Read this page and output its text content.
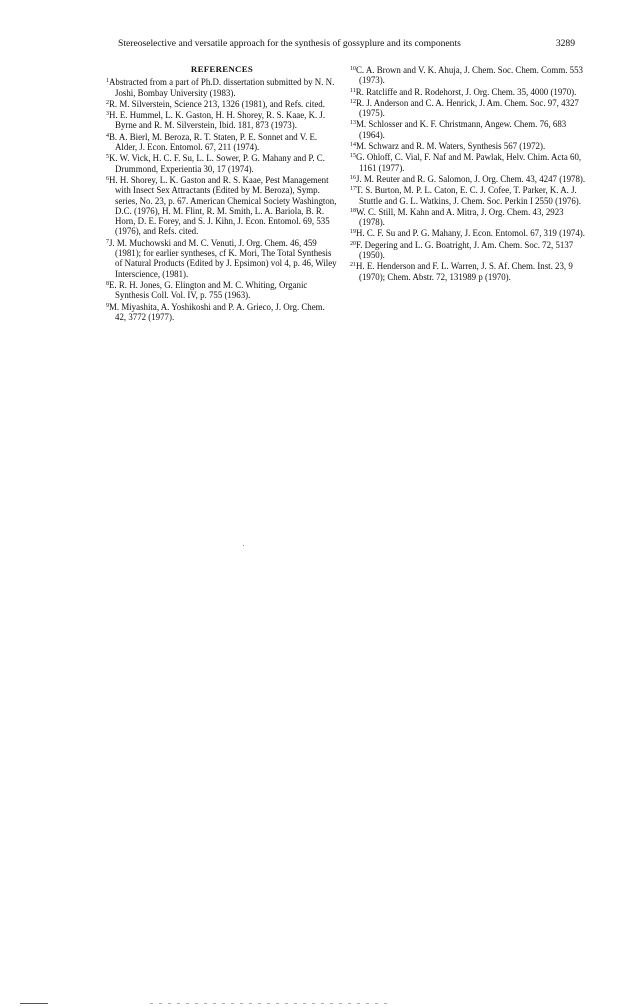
Stereoselective and versatile approach for the synthesis of gossyplure and its components	3289
REFERENCES

$^1$Abstracted from a part of Ph.D. dissertation submitted by N. N. Joshi, Bombay University (1983).

$^2$R. M. Silverstein, Science 213, 1326 (1981), and Refs. cited.

$^3$H. E. Hummel, L. K. Gaston, H. H. Shorey, R. S. Kaae, K. J. Byrne and R. M. Silverstein, Ibid. 181, 873 (1973).

$^4$B. A. Bierl, M. Beroza, R. T. Staten, P. E. Sonnet and V. E. Alder, J. Econ. Entomol. 67, 211 (1974).

$^5$K. W. Vick, H. C. F. Su, L. L. Sower, P. G. Mahany and P. C. Drummond, Experientia 30, 17 (1974).

$^6$H. H. Shorey, L. K. Gaston and R. S. Kaae, Pest Management with Insect Sex Attractants (Edited by M. Beroza), Symp. series, No. 23, p. 67. American Chemical Society Washington, D.C. (1976), H. M. Flint, R. M. Smith, L. A. Bariola, B. R. Horn, D. E. Forey, and S. J. Kihn, J. Econ. Entomol. 69, 535 (1976), and Refs. cited.

$^7$J. M. Muchowski and M. C. Venuti, J. Org. Chem. 46, 459 (1981); for earlier syntheses, cf K. Mori, The Total Synthesis of Natural Products (Edited by J. Epsimon) vol 4, p. 46, Wiley Interscience, (1981).

$^8$E. R. H. Jones, G. Elington and M. C. Whiting, Organic Synthesis Coll. Vol. IV, p. 755 (1963).

$^9$M. Miyashita, A. Yoshikoshi and P. A. Grieco, J. Org. Chem. 42, 3772 (1977).

$^{10}$C. A. Brown and V. K. Ahuja, J. Chem. Soc. Chem. Comm. 553 (1973).

$^{11}$R. Ratcliffe and R. Rodehorst, J. Org. Chem. 35, 4000 (1970).

$^{12}$R. J. Anderson and C. A. Henrick, J. Am. Chem. Soc. 97, 4327 (1975).

$^{13}$M. Schlosser and K. F. Christmann, Angew. Chem. 76, 683 (1964).

$^{14}$M. Schwarz and R. M. Waters, Synthesis 567 (1972).

$^{15}$G. Ohloff, C. Vial, F. Naf and M. Pawlak, Helv. Chim. Acta 60, 1161 (1977).

$^{16}$J. M. Reuter and R. G. Salomon, J. Org. Chem. 43, 4247 (1978).

$^{17}$T. S. Burton, M. P. L. Caton, E. C. J. Cofee, T. Parker, K. A. J. Stuttle and G. L. Watkins, J. Chem. Soc. Perkin I 2550 (1976).

$^{18}$W. C. Still, M. Kahn and A. Mitra, J. Org. Chem. 43, 2923 (1978).

$^{19}$H. C. F. Su and P. G. Mahany, J. Econ. Entomol. 67, 319 (1974).

$^{20}$F. Degering and L. G. Boatright, J. Am. Chem. Soc. 72, 5137 (1950).

$^{21}$H. E. Henderson and F. L. Warren, J. S. Af. Chem. Inst. 23, 9 (1970); Chem. Abstr. 72, 131989 p (1970).
